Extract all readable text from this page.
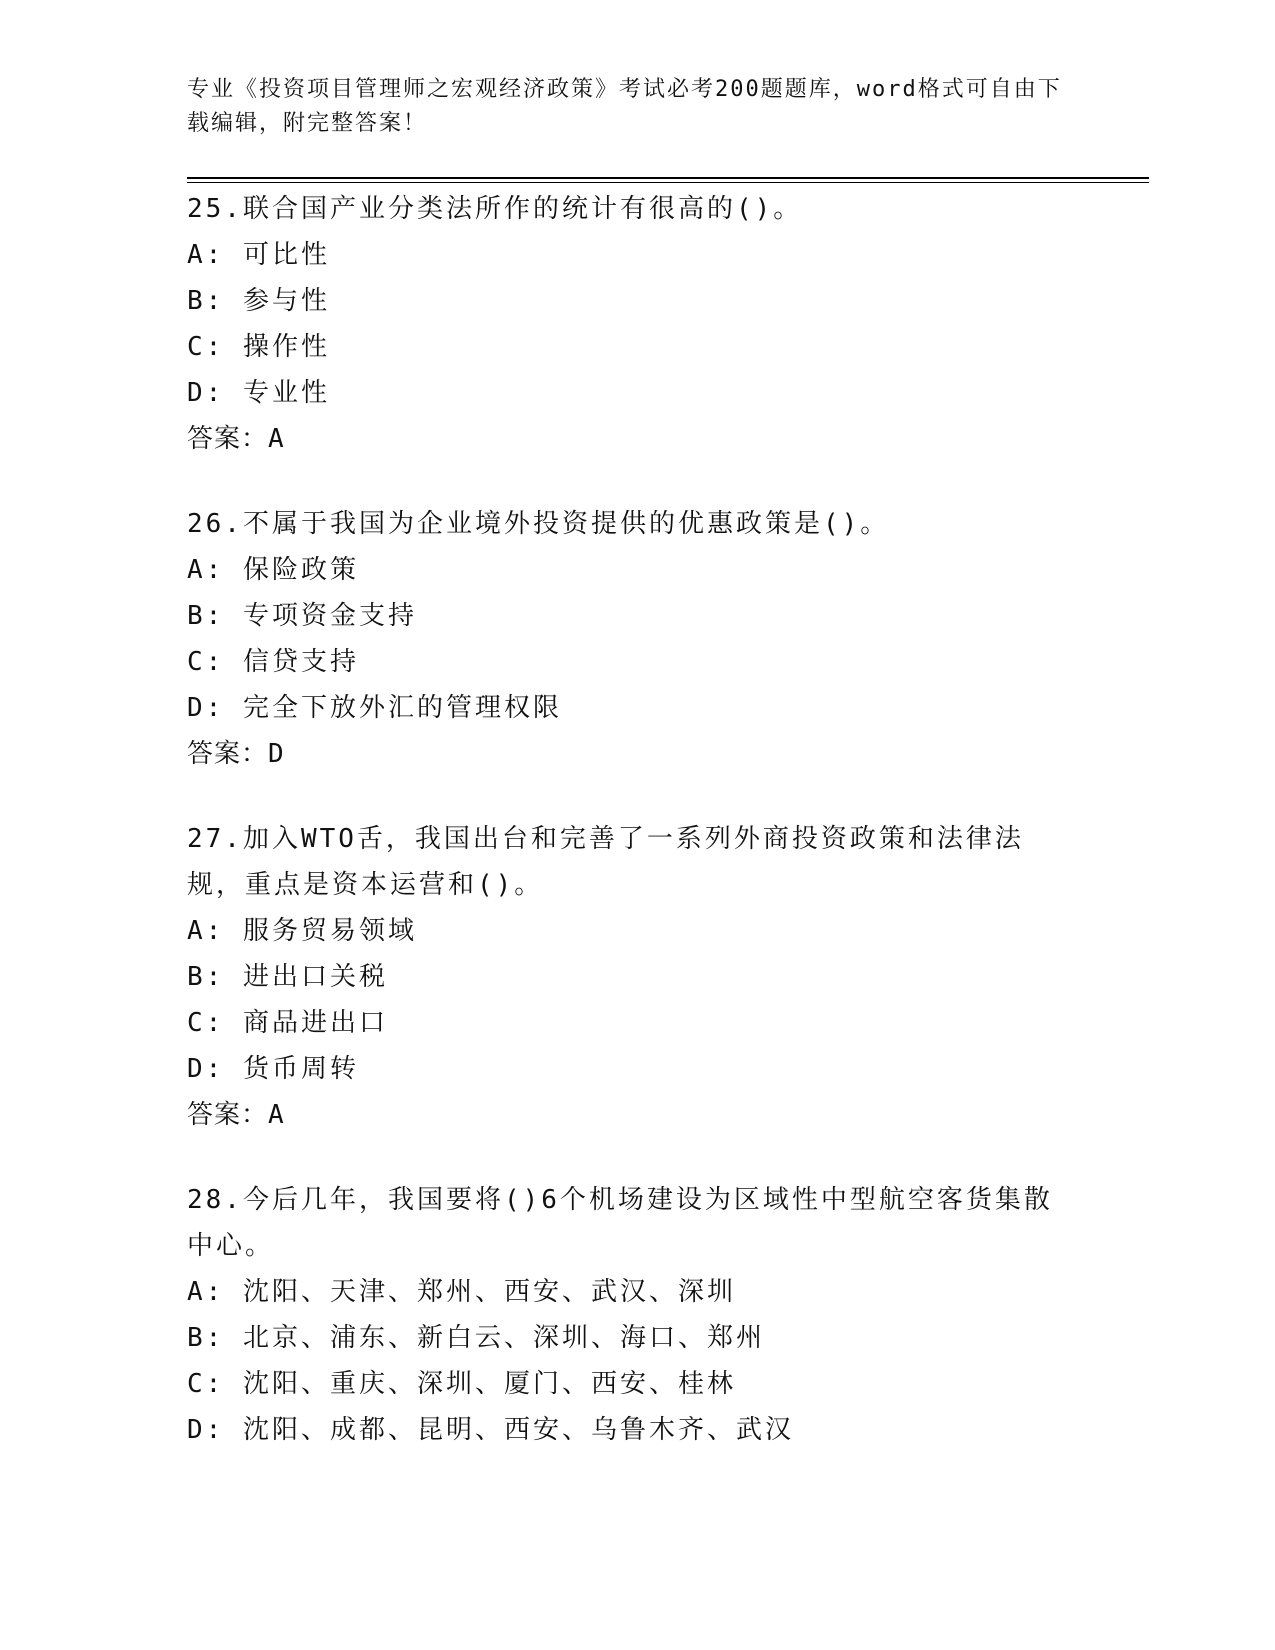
专业《投资项目管理师之宏观经济政策》考试必考200题题库，word格式可自由下载编辑，附完整答案！
25.联合国产业分类法所作的统计有很高的()。
A: 可比性
B: 参与性
C: 操作性
D: 专业性
答案：A
26.不属于我国为企业境外投资提供的优惠政策是()。
A: 保险政策
B: 专项资金支持
C: 信贷支持
D: 完全下放外汇的管理权限
答案：D
27.加入WTO舌，我国出台和完善了一系列外商投资政策和法律法规，重点是资本运营和()。
A: 服务贸易领域
B: 进出口关税
C: 商品进出口
D: 货币周转
答案：A
28.今后几年，我国要将()6个机场建设为区域性中型航空客货集散中心。
A: 沈阳、天津、郑州、西安、武汉、深圳
B: 北京、浦东、新白云、深圳、海口、郑州
C: 沈阳、重庆、深圳、厦门、西安、桂林
D: 沈阳、成都、昆明、西安、乌鲁木齐、武汉
